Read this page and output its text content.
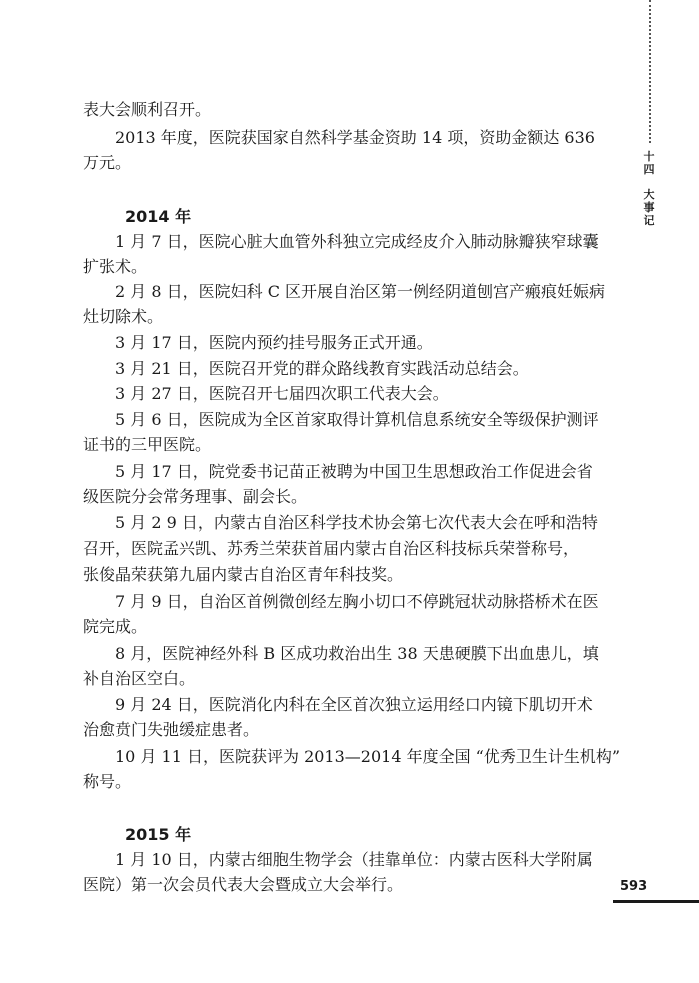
十
四
大
事
记
表大会顺利召开。
　　2013 年度，医院获国家自然科学基金资助 14 项，资助金额达 636
万元。
2014 年
　　1 月 7 日，医院心脏大血管外科独立完成经皮介入肺动脉瓣狭窄球囊
扩张术。
　　2 月 8 日，医院妇科 C 区开展自治区第一例经阴道刨宫产瘢痕妊娠病
灶切除术。
　　3 月 17 日，医院内预约挂号服务正式开通。
　　3 月 21 日，医院召开党的群众路线教育实践活动总结会。
　　3 月 27 日，医院召开七届四次职工代表大会。
　　5 月 6 日，医院成为全区首家取得计算机信息系统安全等级保护测评
证书的三甲医院。
　　5 月 17 日，院党委书记苗正被聘为中国卫生思想政治工作促进会省
级医院分会常务理事、副会长。
　　5 月 2 9 日，内蒙古自治区科学技术协会第七次代表大会在呼和浩特
召开，医院孟兴凯、苏秀兰荣获首届内蒙古自治区科技标兵荣誉称号，
张俊晶荣获第九届内蒙古自治区青年科技奖。
　　7 月 9 日，自治区首例微创经左胸小切口不停跳冠状动脉搭桥术在医
院完成。
　　8 月，医院神经外科 B 区成功救治出生 38 天患硬膜下出血患儿，填
补自治区空白。
　　9 月 24 日，医院消化内科在全区首次独立运用经口内镜下肌切开术
治愈贲门失弛缓症患者。
　　10 月 11 日，医院获评为 2013—2014 年度全国 “优秀卫生计生机构”
称号。
2015 年
　　1 月 10 日，内蒙古细胞生物学会（挂靠单位：内蒙古医科大学附属
医院）第一次会员代表大会暨成立大会举行。	593
